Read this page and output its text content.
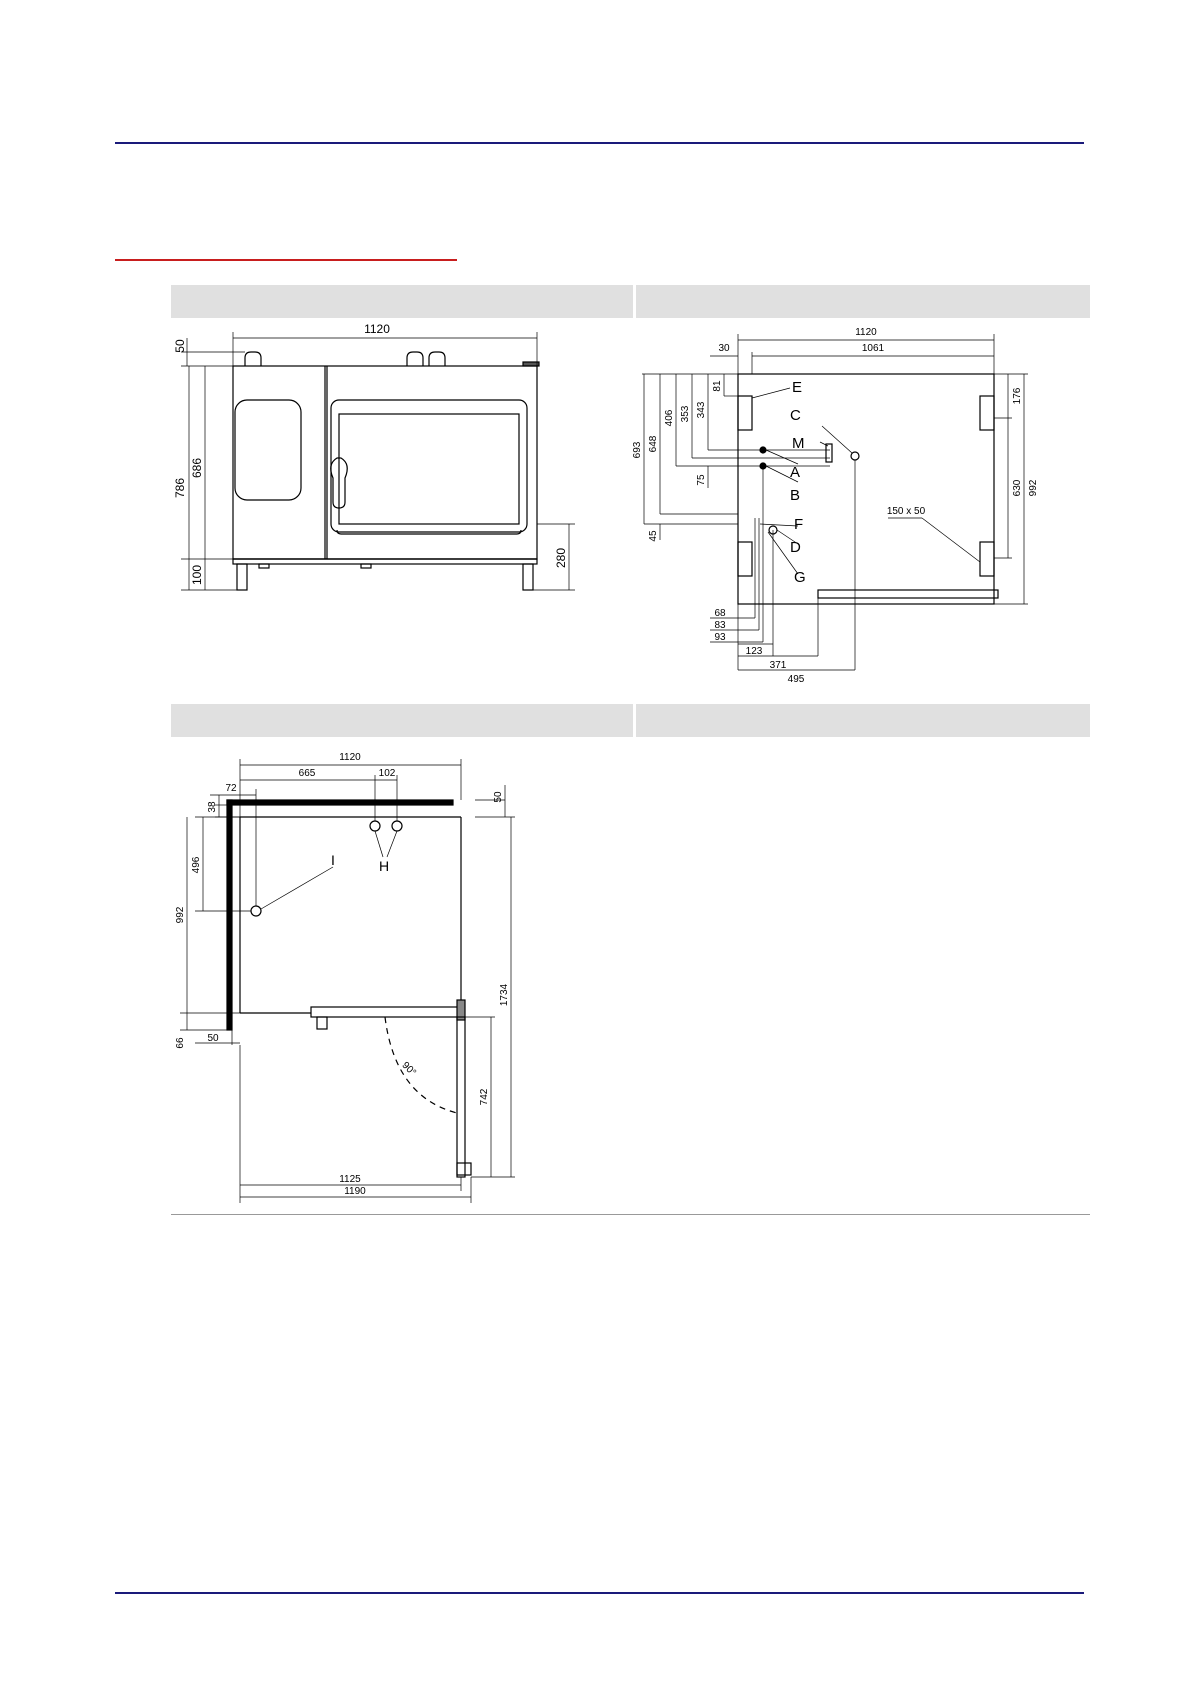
1120
50
786
686
100
280
1120
1061
30
693 648
406 353 343
81
75
45
176
630 992
68
83
93
123
371
495
150 x 50
E
C
M
A
B
F
D
G
1120
665	102
72
38
50
496
992
66 50
1734
742
90°
1125
1190
I	H
